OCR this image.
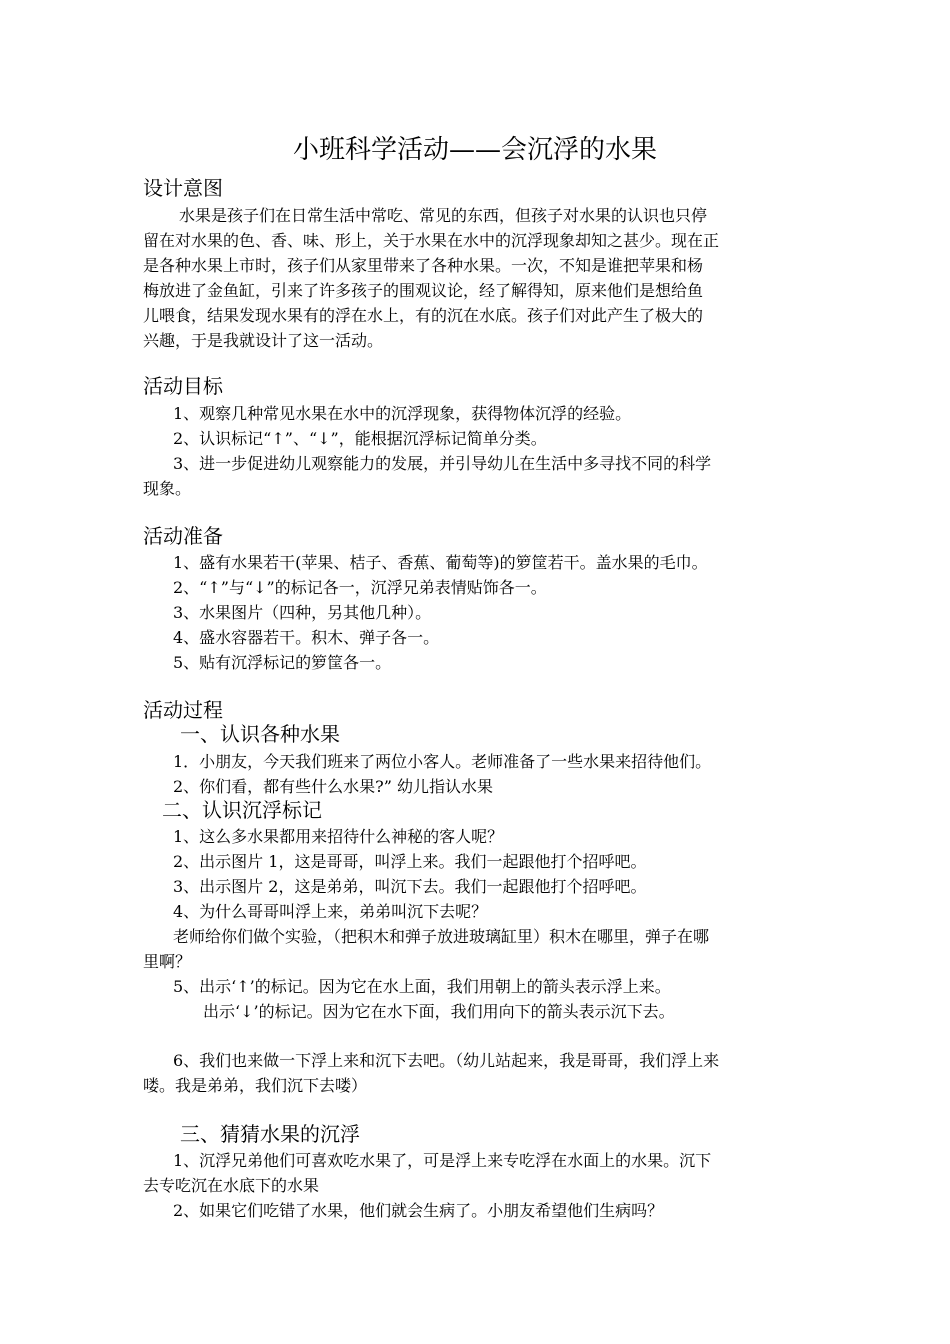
小班科学活动——会沉浮的水果
设计意图
水果是孩子们在日常生活中常吃、常见的东西，但孩子对水果的认识也只停
留在对水果的色、香、味、形上，关于水果在水中的沉浮现象却知之甚少。现在正
是各种水果上市时，孩子们从家里带来了各种水果。一次，不知是谁把苹果和杨
梅放进了金鱼缸，引来了许多孩子的围观议论，经了解得知，原来他们是想给鱼
儿喂食，结果发现水果有的浮在水上，有的沉在水底。孩子们对此产生了极大的
兴趣，于是我就设计了这一活动。
活动目标
1、观察几种常见水果在水中的沉浮现象，获得物体沉浮的经验。
2、认识标记“↑”、“↓”，能根据沉浮标记简单分类。
3、进一步促进幼儿观察能力的发展，并引导幼儿在生活中多寻找不同的科学
现象。
活动准备
1、盛有水果若干(苹果、桔子、香蕉、葡萄等)的箩筐若干。盖水果的毛巾。
2、“↑”与“↓”的标记各一，沉浮兄弟表情贴饰各一。
3、水果图片（四种，另其他几种）。
4、盛水容器若干。积木、弹子各一。
5、贴有沉浮标记的箩筐各一。
活动过程
一、认识各种水果
1．小朋友，今天我们班来了两位小客人。老师准备了一些水果来招待他们。
2、你们看，都有些什么水果?” 幼儿指认水果
二、认识沉浮标记
1、这么多水果都用来招待什么神秘的客人呢？
2、出示图片 1，这是哥哥，叫浮上来。我们一起跟他打个招呼吧。
3、出示图片 2，这是弟弟，叫沉下去。我们一起跟他打个招呼吧。
4、为什么哥哥叫浮上来，弟弟叫沉下去呢？
老师给你们做个实验，（把积木和弹子放进玻璃缸里）积木在哪里，弹子在哪
里啊？
5、出示‘↑’的标记。因为它在水上面，我们用朝上的箭头表示浮上来。
出示‘↓’的标记。因为它在水下面，我们用向下的箭头表示沉下去。
6、我们也来做一下浮上来和沉下去吧。（幼儿站起来，我是哥哥，我们浮上来
喽。我是弟弟，我们沉下去喽）
三、猜猜水果的沉浮
1、沉浮兄弟他们可喜欢吃水果了，可是浮上来专吃浮在水面上的水果。沉下
去专吃沉在水底下的水果
2、如果它们吃错了水果，他们就会生病了。小朋友希望他们生病吗？
